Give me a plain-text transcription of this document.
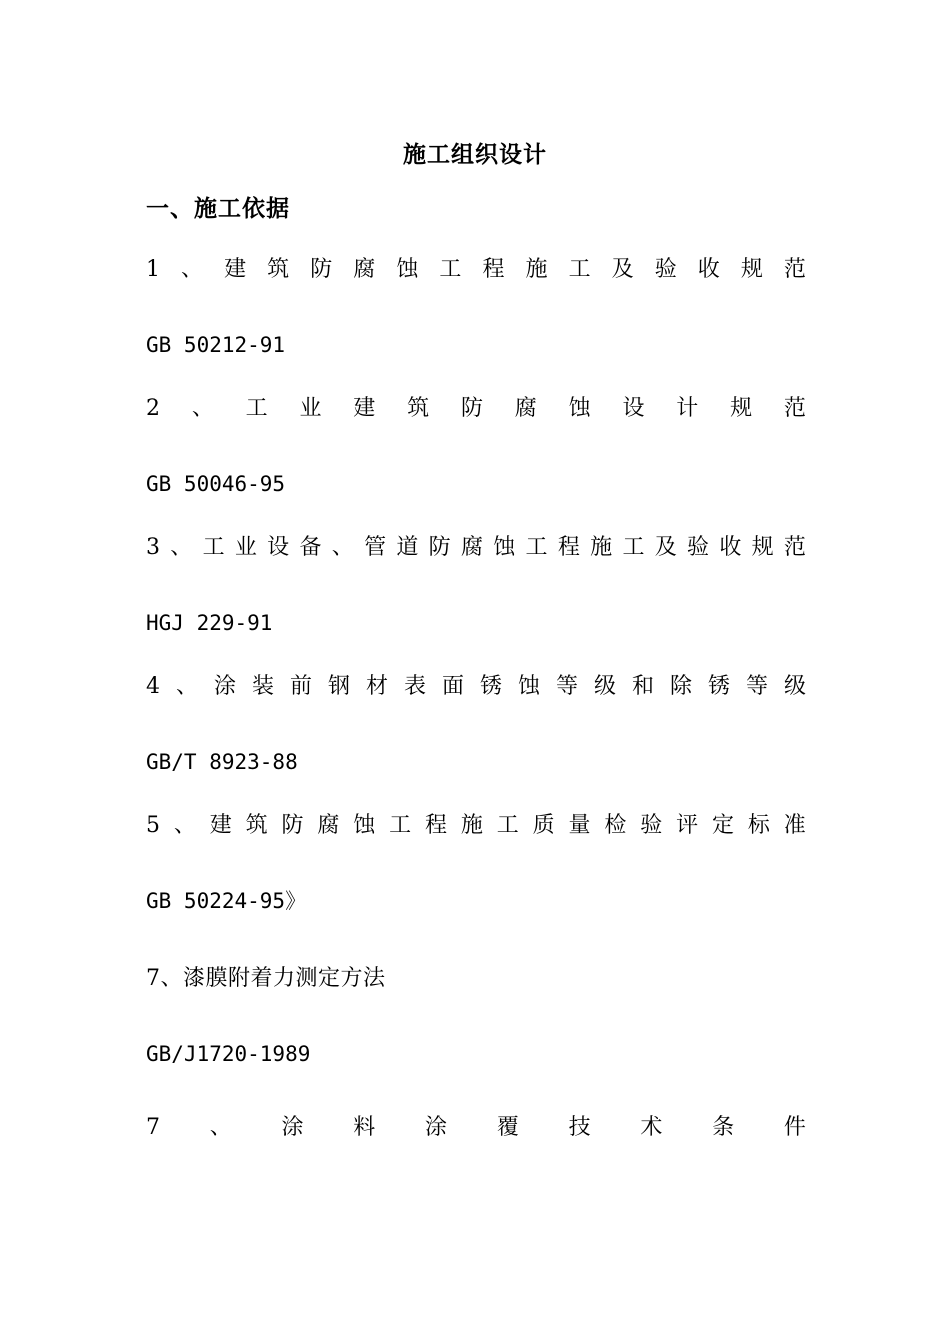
施工组织设计
一、施工依据
1 、 建 筑 防 腐 蚀 工 程 施 工 及 验 收 规 范
GB 50212-91
2 、 工 业 建 筑 防 腐 蚀 设 计 规 范
GB 50046-95
3 、 工 业 设 备 、 管 道 防 腐 蚀 工 程 施 工 及 验 收 规 范
HGJ 229-91
4 、 涂 装 前 钢 材 表 面 锈 蚀 等 级 和 除 锈 等 级
GB/T 8923-88
5 、 建 筑 防 腐 蚀 工 程 施 工 质 量 检 验 评 定 标 准
GB 50224-95》
7、漆膜附着力测定方法
GB/J1720-1989
7 、 涂 料 涂 覆 技 术 条 件
